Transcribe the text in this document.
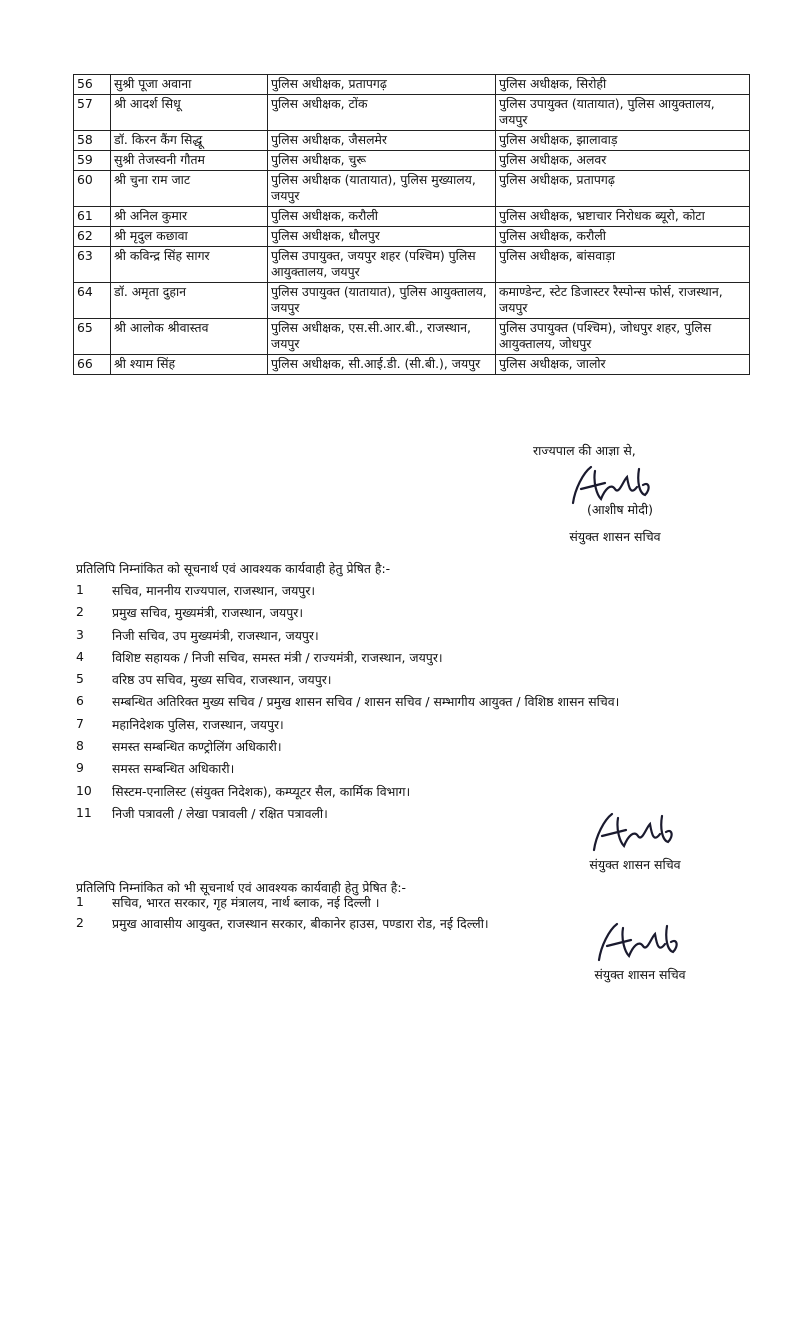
56	सुश्री पूजा अवाना	पुलिस अधीक्षक, प्रतापगढ़	पुलिस अधीक्षक, सिरोही
57	श्री आदर्श सिधू	पुलिस अधीक्षक, टोंक	पुलिस उपायुक्त (यातायात), पुलिस आयुक्तालय, जयपुर
58	डॉ. किरन कैंग सिद्धू	पुलिस अधीक्षक, जैसलमेर	पुलिस अधीक्षक, झालावाड़
59	सुश्री तेजस्वनी गौतम	पुलिस अधीक्षक, चुरू	पुलिस अधीक्षक, अलवर
60	श्री चुना राम जाट	पुलिस अधीक्षक (यातायात), पुलिस मुख्यालय, जयपुर	पुलिस अधीक्षक, प्रतापगढ़
61	श्री अनिल कुमार	पुलिस अधीक्षक, करौली	पुलिस अधीक्षक, भ्रष्टाचार निरोधक ब्यूरो, कोटा
62	श्री मृदुल कछावा	पुलिस अधीक्षक, धौलपुर	पुलिस अधीक्षक, करौली
63	श्री कविन्द्र सिंह सागर	पुलिस उपायुक्त, जयपुर शहर (पश्चिम) पुलिस आयुक्तालय, जयपुर	पुलिस अधीक्षक, बांसवाड़ा
64	डॉ. अमृता दुहान	पुलिस उपायुक्त (यातायात), पुलिस आयुक्तालय, जयपुर	कमाण्डेन्ट, स्टेट डिजास्टर रैस्पोन्स फोर्स, राजस्थान, जयपुर
65	श्री आलोक श्रीवास्तव	पुलिस अधीक्षक, एस.सी.आर.बी., राजस्थान, जयपुर	पुलिस उपायुक्त (पश्चिम), जोधपुर शहर, पुलिस आयुक्तालय, जोधपुर
66	श्री श्याम सिंह	पुलिस अधीक्षक, सी.आई.डी. (सी.बी.), जयपुर	पुलिस अधीक्षक, जालोर
राज्यपाल की आज्ञा से,
(आशीष मोदी)
संयुक्त शासन सचिव
प्रतिलिपि निम्नांकित को सूचनार्थ एवं आवश्यक कार्यवाही हेतु प्रेषित है:-
1	सचिव, माननीय राज्यपाल, राजस्थान, जयपुर।
2	प्रमुख सचिव, मुख्यमंत्री, राजस्थान, जयपुर।
3	निजी सचिव, उप मुख्यमंत्री, राजस्थान, जयपुर।
4	विशिष्ट सहायक / निजी सचिव, समस्त मंत्री / राज्यमंत्री, राजस्थान, जयपुर।
5	वरिष्ठ उप सचिव, मुख्य सचिव, राजस्थान, जयपुर।
6	सम्बन्धित अतिरिक्त मुख्य सचिव / प्रमुख शासन सचिव / शासन सचिव / सम्भागीय आयुक्त / विशिष्ठ शासन सचिव।
7	महानिदेशक पुलिस, राजस्थान, जयपुर।
8	समस्त सम्बन्धित कण्ट्रोलिंग अधिकारी।
9	समस्त सम्बन्धित अधिकारी।
10	सिस्टम-एनालिस्ट (संयुक्त निदेशक), कम्प्यूटर सैल, कार्मिक विभाग।
11	निजी पत्रावली / लेखा पत्रावली / रक्षित पत्रावली।
संयुक्त शासन सचिव
प्रतिलिपि निम्नांकित को भी सूचनार्थ एवं आवश्यक कार्यवाही हेतु प्रेषित है:-
1	सचिव, भारत सरकार, गृह मंत्रालय, नार्थ ब्लाक, नई दिल्ली ।
2	प्रमुख आवासीय आयुक्त, राजस्थान सरकार, बीकानेर हाउस, पण्डारा रोड, नई दिल्ली।
संयुक्त शासन सचिव
